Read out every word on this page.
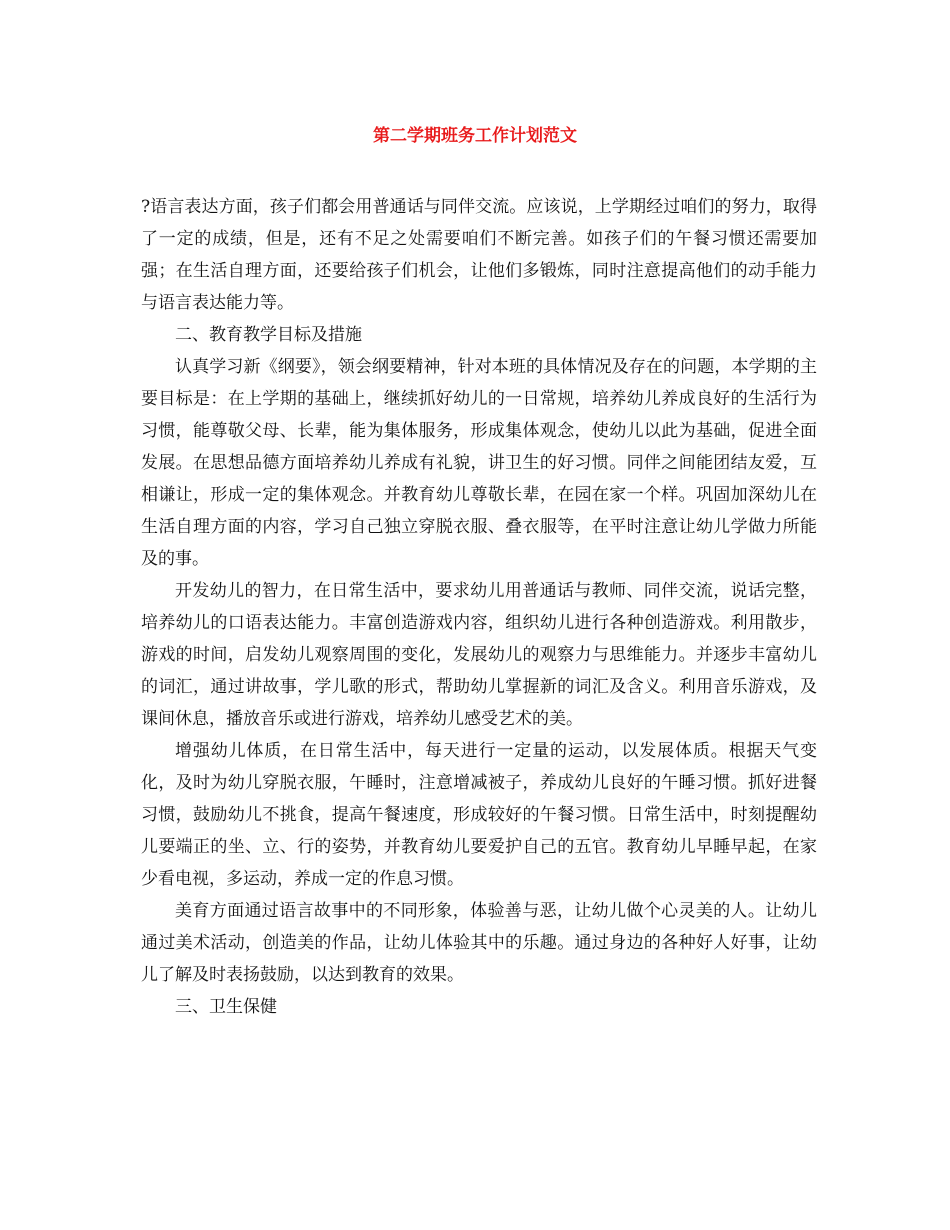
第二学期班务工作计划范文

?语言表达方面，孩子们都会用普通话与同伴交流。应该说，上学期经过咱们的努力，取得了一定的成绩，但是，还有不足之处需要咱们不断完善。如孩子们的午餐习惯还需要加强；在生活自理方面，还要给孩子们机会，让他们多锻炼，同时注意提高他们的动手能力与语言表达能力等。

二、教育教学目标及措施

认真学习新《纲要》，领会纲要精神，针对本班的具体情况及存在的问题，本学期的主要目标是：在上学期的基础上，继续抓好幼儿的一日常规，培养幼儿养成良好的生活行为习惯，能尊敬父母、长辈，能为集体服务，形成集体观念，使幼儿以此为基础，促进全面发展。在思想品德方面培养幼儿养成有礼貌，讲卫生的好习惯。同伴之间能团结友爱，互相谦让，形成一定的集体观念。并教育幼儿尊敬长辈，在园在家一个样。巩固加深幼儿在生活自理方面的内容，学习自己独立穿脱衣服、叠衣服等，在平时注意让幼儿学做力所能及的事。

开发幼儿的智力，在日常生活中，要求幼儿用普通话与教师、同伴交流，说话完整，培养幼儿的口语表达能力。丰富创造游戏内容，组织幼儿进行各种创造游戏。利用散步，游戏的时间，启发幼儿观察周围的变化，发展幼儿的观察力与思维能力。并逐步丰富幼儿的词汇，通过讲故事，学儿歌的形式，帮助幼儿掌握新的词汇及含义。利用音乐游戏，及课间休息，播放音乐或进行游戏，培养幼儿感受艺术的美。

增强幼儿体质，在日常生活中，每天进行一定量的运动，以发展体质。根据天气变化，及时为幼儿穿脱衣服，午睡时，注意增减被子，养成幼儿良好的午睡习惯。抓好进餐习惯，鼓励幼儿不挑食，提高午餐速度，形成较好的午餐习惯。日常生活中，时刻提醒幼儿要端正的坐、立、行的姿势，并教育幼儿要爱护自己的五官。教育幼儿早睡早起，在家少看电视，多运动，养成一定的作息习惯。

美育方面通过语言故事中的不同形象，体验善与恶，让幼儿做个心灵美的人。让幼儿通过美术活动，创造美的作品，让幼儿体验其中的乐趣。通过身边的各种好人好事，让幼儿了解及时表扬鼓励，以达到教育的效果。

三、卫生保健
